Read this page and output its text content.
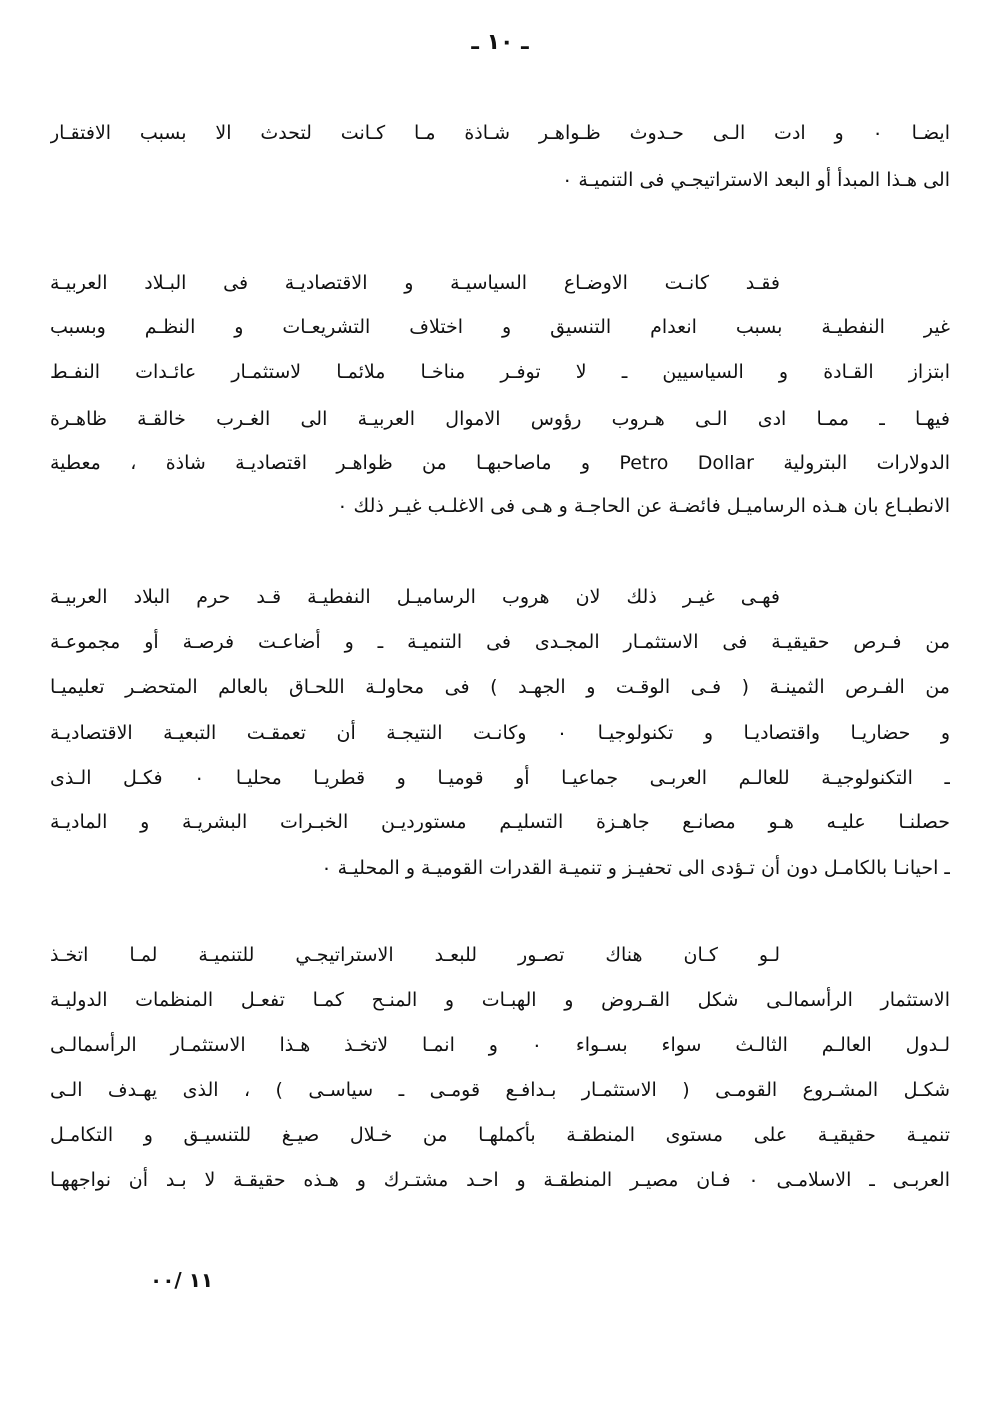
ـ ١٠ ـ
ايضـا ٠ و ادت الـى حـدوث ظـواهـر شـاذة مـا كـانت لتحدث الا بسبب الافتقـار
الى هـذا المبدأ أو البعد الاستراتيجـي فى التنميـة ٠
فقـد كانـت الاوضـاع السياسيـة و الاقتصاديـة فى البـلاد العربيـة
غير النفطيـة بسبب انعدام التنسيق و اختلاف التشريعـات و النظـم وبسبب
ابتزاز القـادة و السياسيين ـ لا توفـر مناخـا ملائمـا لاستثمـار عائـدات النفـط
فيهـا ـ ممـا ادى الـى هـروب رؤوس الاموال العربيـة الى الغـرب خالقـة ظاهـرة
الدولارات البترولية Petro Dollar و ماصاحبهـا من ظواهـر اقتصاديـة شاذة ، معطية
الانطبـاع بان هـذه الرساميـل فائضـة عن الحاجـة و هـى فى الاغلـب غيـر ذلك ٠
فهـى غيـر ذلك لان هروب الرساميـل النفطيـة قـد حرم البلاد العربيـة
من فـرص حقيقيـة فى الاستثمـار المجـدى فى التنميـة ـ و أضاعـت فرصـة أو مجموعـة
من الفـرص الثمينـة ( فـى الوقـت و الجهـد ) فى محاولـة اللحـاق بالعالم المتحضـر تعليميـا
و حضاريـا واقتصاديـا و تكنولوجيـا ٠ وكانـت النتيجـة أن تعمقـت التبعيـة الاقتصاديـة
ـ التكنولوجيـة للعالـم العربـى جماعيـا أو قوميـا و قطريـا محليـا ٠ فكـل الـذى
حصلنـا عليـه هـو مصانـع جاهـزة التسليـم مستورديـن الخبـرات البشريـة و الماديـة
ـ احيانـا بالكامـل دون أن تـؤدى الى تحفيـز و تنميـة القدرات القوميـة و المحليـة ٠
لـو كـان هناك تصـور للبعـد الاستراتيجـي للتنميـة لمـا اتخـذ
الاستثمار الرأسمالـى شكل القـروض و الهبـات و المنـح كمـا تفعـل المنظمات الدوليـة
لـدول العالـم الثالـث سواء بسـواء ٠ و انمـا لاتخـذ هـذا الاستثمـار الرأسمالـى
شكـل المشـروع القومـى ( الاستثمـار بـدافـع قومـى ـ سياسـى ) ، الذى يهـدف الـى
تنميـة حقيقيـة على مستوى المنطقـة بأكملهـا من خـلال صيـغ للتنسيـق و التكامـل
العربـى ـ الاسلامـى ٠ فـان مصيـر المنطقـة و احـد مشتـرك و هـذه حقيقـة لا بـد أن نواجههـا
١١ /٠٠
